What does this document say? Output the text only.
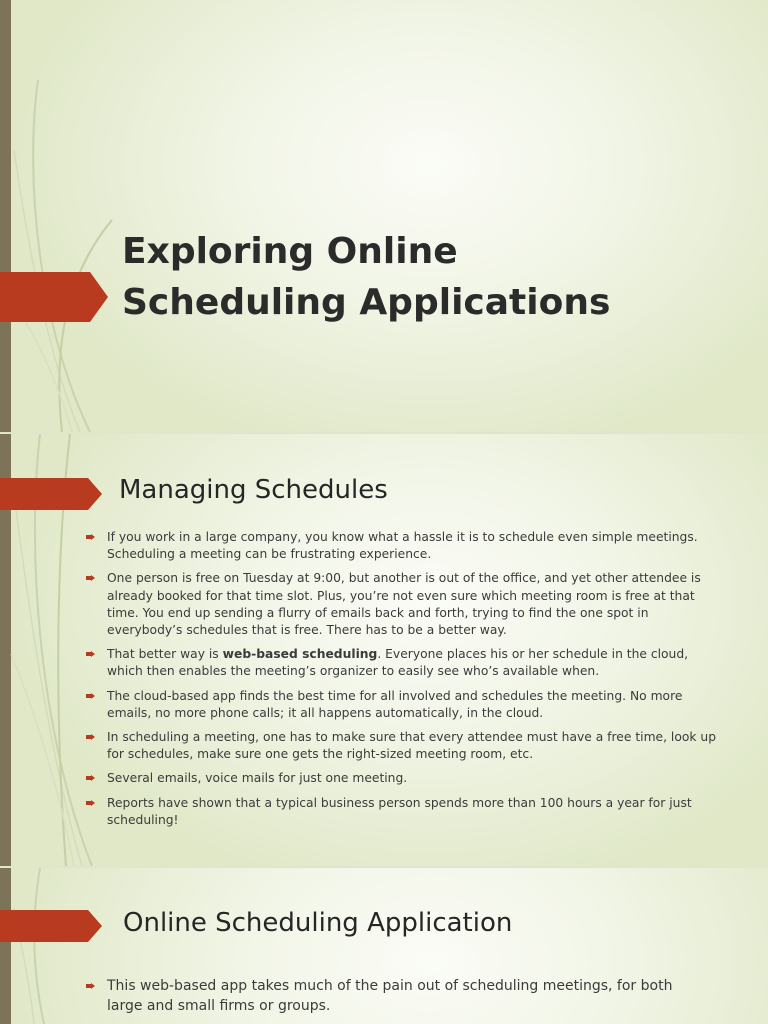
Exploring Online
Scheduling Applications
Managing Schedules
If you work in a large company, you know what a hassle it is to schedule even simple meetings. Scheduling a meeting can be frustrating experience.
One person is free on Tuesday at 9:00, but another is out of the office, and yet other attendee is already booked for that time slot. Plus, you’re not even sure which meeting room is free at that time. You end up sending a flurry of emails back and forth, trying to find the one spot in everybody’s schedules that is free. There has to be a better way.
That better way is web-based scheduling. Everyone places his or her schedule in the cloud, which then enables the meeting’s organizer to easily see who’s available when.
The cloud-based app finds the best time for all involved and schedules the meeting. No more emails, no more phone calls; it all happens automatically, in the cloud.
In scheduling a meeting, one has to make sure that every attendee must have a free time, look up for schedules, make sure one gets the right-sized meeting room, etc.
Several emails, voice mails for just one meeting.
Reports have shown that a typical business person spends more than 100 hours a year for just scheduling!
Online Scheduling Application
This web-based app takes much of the pain out of scheduling meetings, for both large and small firms or groups.
